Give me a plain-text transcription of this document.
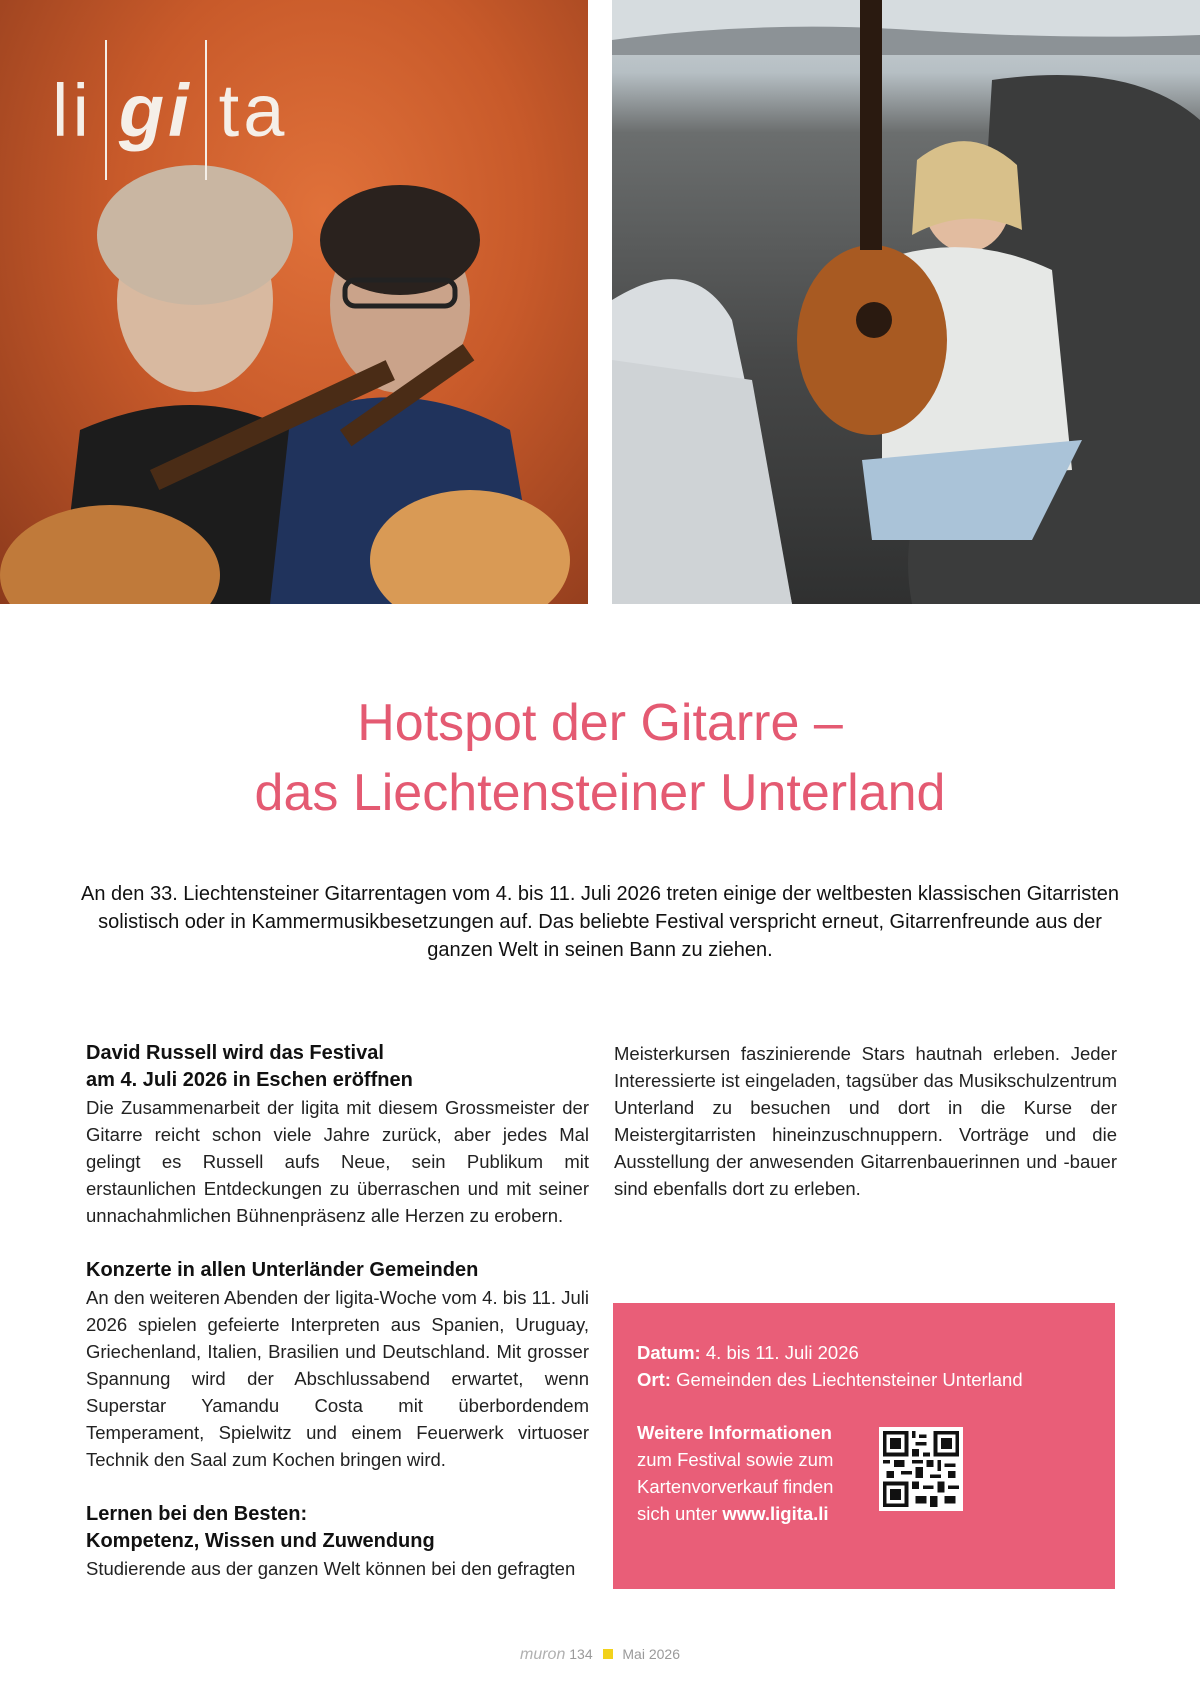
li gi ta
Hotspot der Gitarre –
das Liechtensteiner Unterland
An den 33. Liechtensteiner Gitarrentagen vom 4. bis 11. Juli 2026 treten einige der weltbesten klassischen Gitarristen solistisch oder in Kammermusikbesetzungen auf. Das beliebte Festival verspricht erneut, Gitarrenfreunde aus der ganzen Welt in seinen Bann zu ziehen.
David Russell wird das Festival
am 4. Juli 2026 in Eschen eröffnen

Die Zusammenarbeit der ligita mit diesem Grossmeister der Gitarre reicht schon viele Jahre zurück, aber jedes Mal gelingt es Russell aufs Neue, sein Publikum mit erstaunlichen Entdeckungen zu überraschen und mit seiner unnachahmlichen Bühnenpräsenz alle Herzen zu erobern.

Konzerte in allen Unterländer Gemeinden

An den weiteren Abenden der ligita-Woche vom 4. bis 11. Juli 2026 spielen gefeierte Interpreten aus Spanien, Uruguay, Griechenland, Italien, Brasilien und Deutschland. Mit grosser Spannung wird der Abschlussabend erwartet, wenn Superstar Yamandu Costa mit überbordendem Temperament, Spielwitz und einem Feuerwerk virtuoser Technik den Saal zum Kochen bringen wird.

Lernen bei den Besten:
Kompetenz, Wissen und Zuwendung

Studierende aus der ganzen Welt können bei den gefragten

Meisterkursen faszinierende Stars hautnah erleben. Jeder Interessierte ist eingeladen, tagsüber das Musikschulzentrum Unterland zu besuchen und dort in die Kurse der Meistergitarristen hineinzuschnuppern. Vorträge und die Ausstellung der anwesenden Gitarrenbauerinnen und -bauer sind ebenfalls dort zu erleben.

Datum: 4. bis 11. Juli 2026
Ort: Gemeinden des Liechtensteiner Unterland
Weitere Informationen
zum Festival sowie zum Kartenvorverkauf finden sich unter www.ligita.li
muron 134 Mai 2026
